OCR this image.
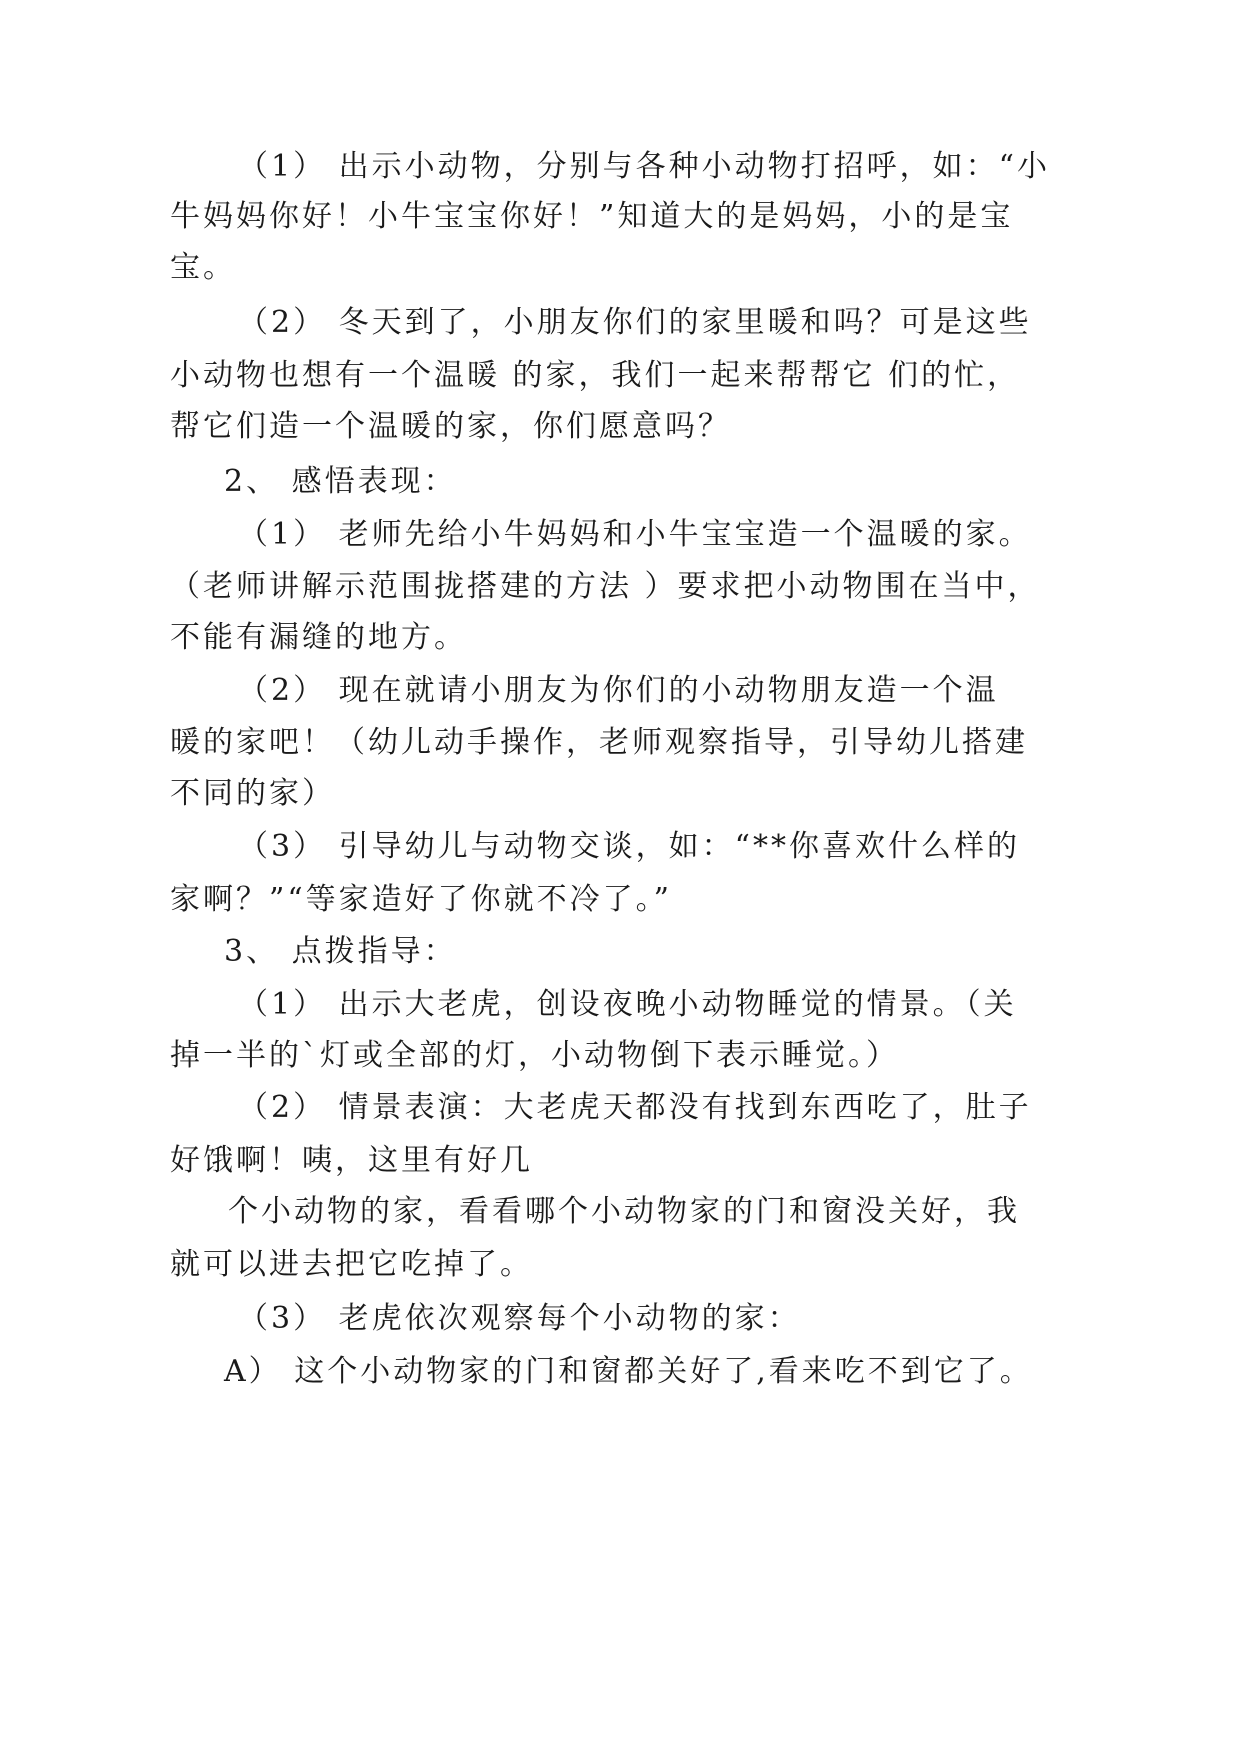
（1） 出示小动物，分别与各种小动物打招呼，如：“小
牛妈妈你好！小牛宝宝你好！”知道大的是妈妈，小的是宝
宝。
（2） 冬天到了，小朋友你们的家里暖和吗？可是这些
小动物也想有一个温暖 的家，我们一起来帮帮它 们的忙，
帮它们造一个温暖的家，你们愿意吗？
2、 感悟表现：
（1） 老师先给小牛妈妈和小牛宝宝造一个温暖的家。
（老师讲解示范围拢搭建的方法 ）要求把小动物围在当中，
不能有漏缝的地方。
（2） 现在就请小朋友为你们的小动物朋友造一个温
暖的家吧！（幼儿动手操作，老师观察指导，引导幼儿搭建
不同的家）
（3） 引导幼儿与动物交谈，如：“**你喜欢什么样的
家啊？”“等家造好了你就不冷了。”
3、 点拨指导：
（1） 出示大老虎，创设夜晚小动物睡觉的情景。（关
掉一半的`灯或全部的灯，小动物倒下表示睡觉。）
（2） 情景表演：大老虎天都没有找到东西吃了，肚子
好饿啊！咦，这里有好几
个小动物的家，看看哪个小动物家的门和窗没关好，我
就可以进去把它吃掉了。
（3） 老虎依次观察每个小动物的家：
A） 这个小动物家的门和窗都关好了,看来吃不到它了。
